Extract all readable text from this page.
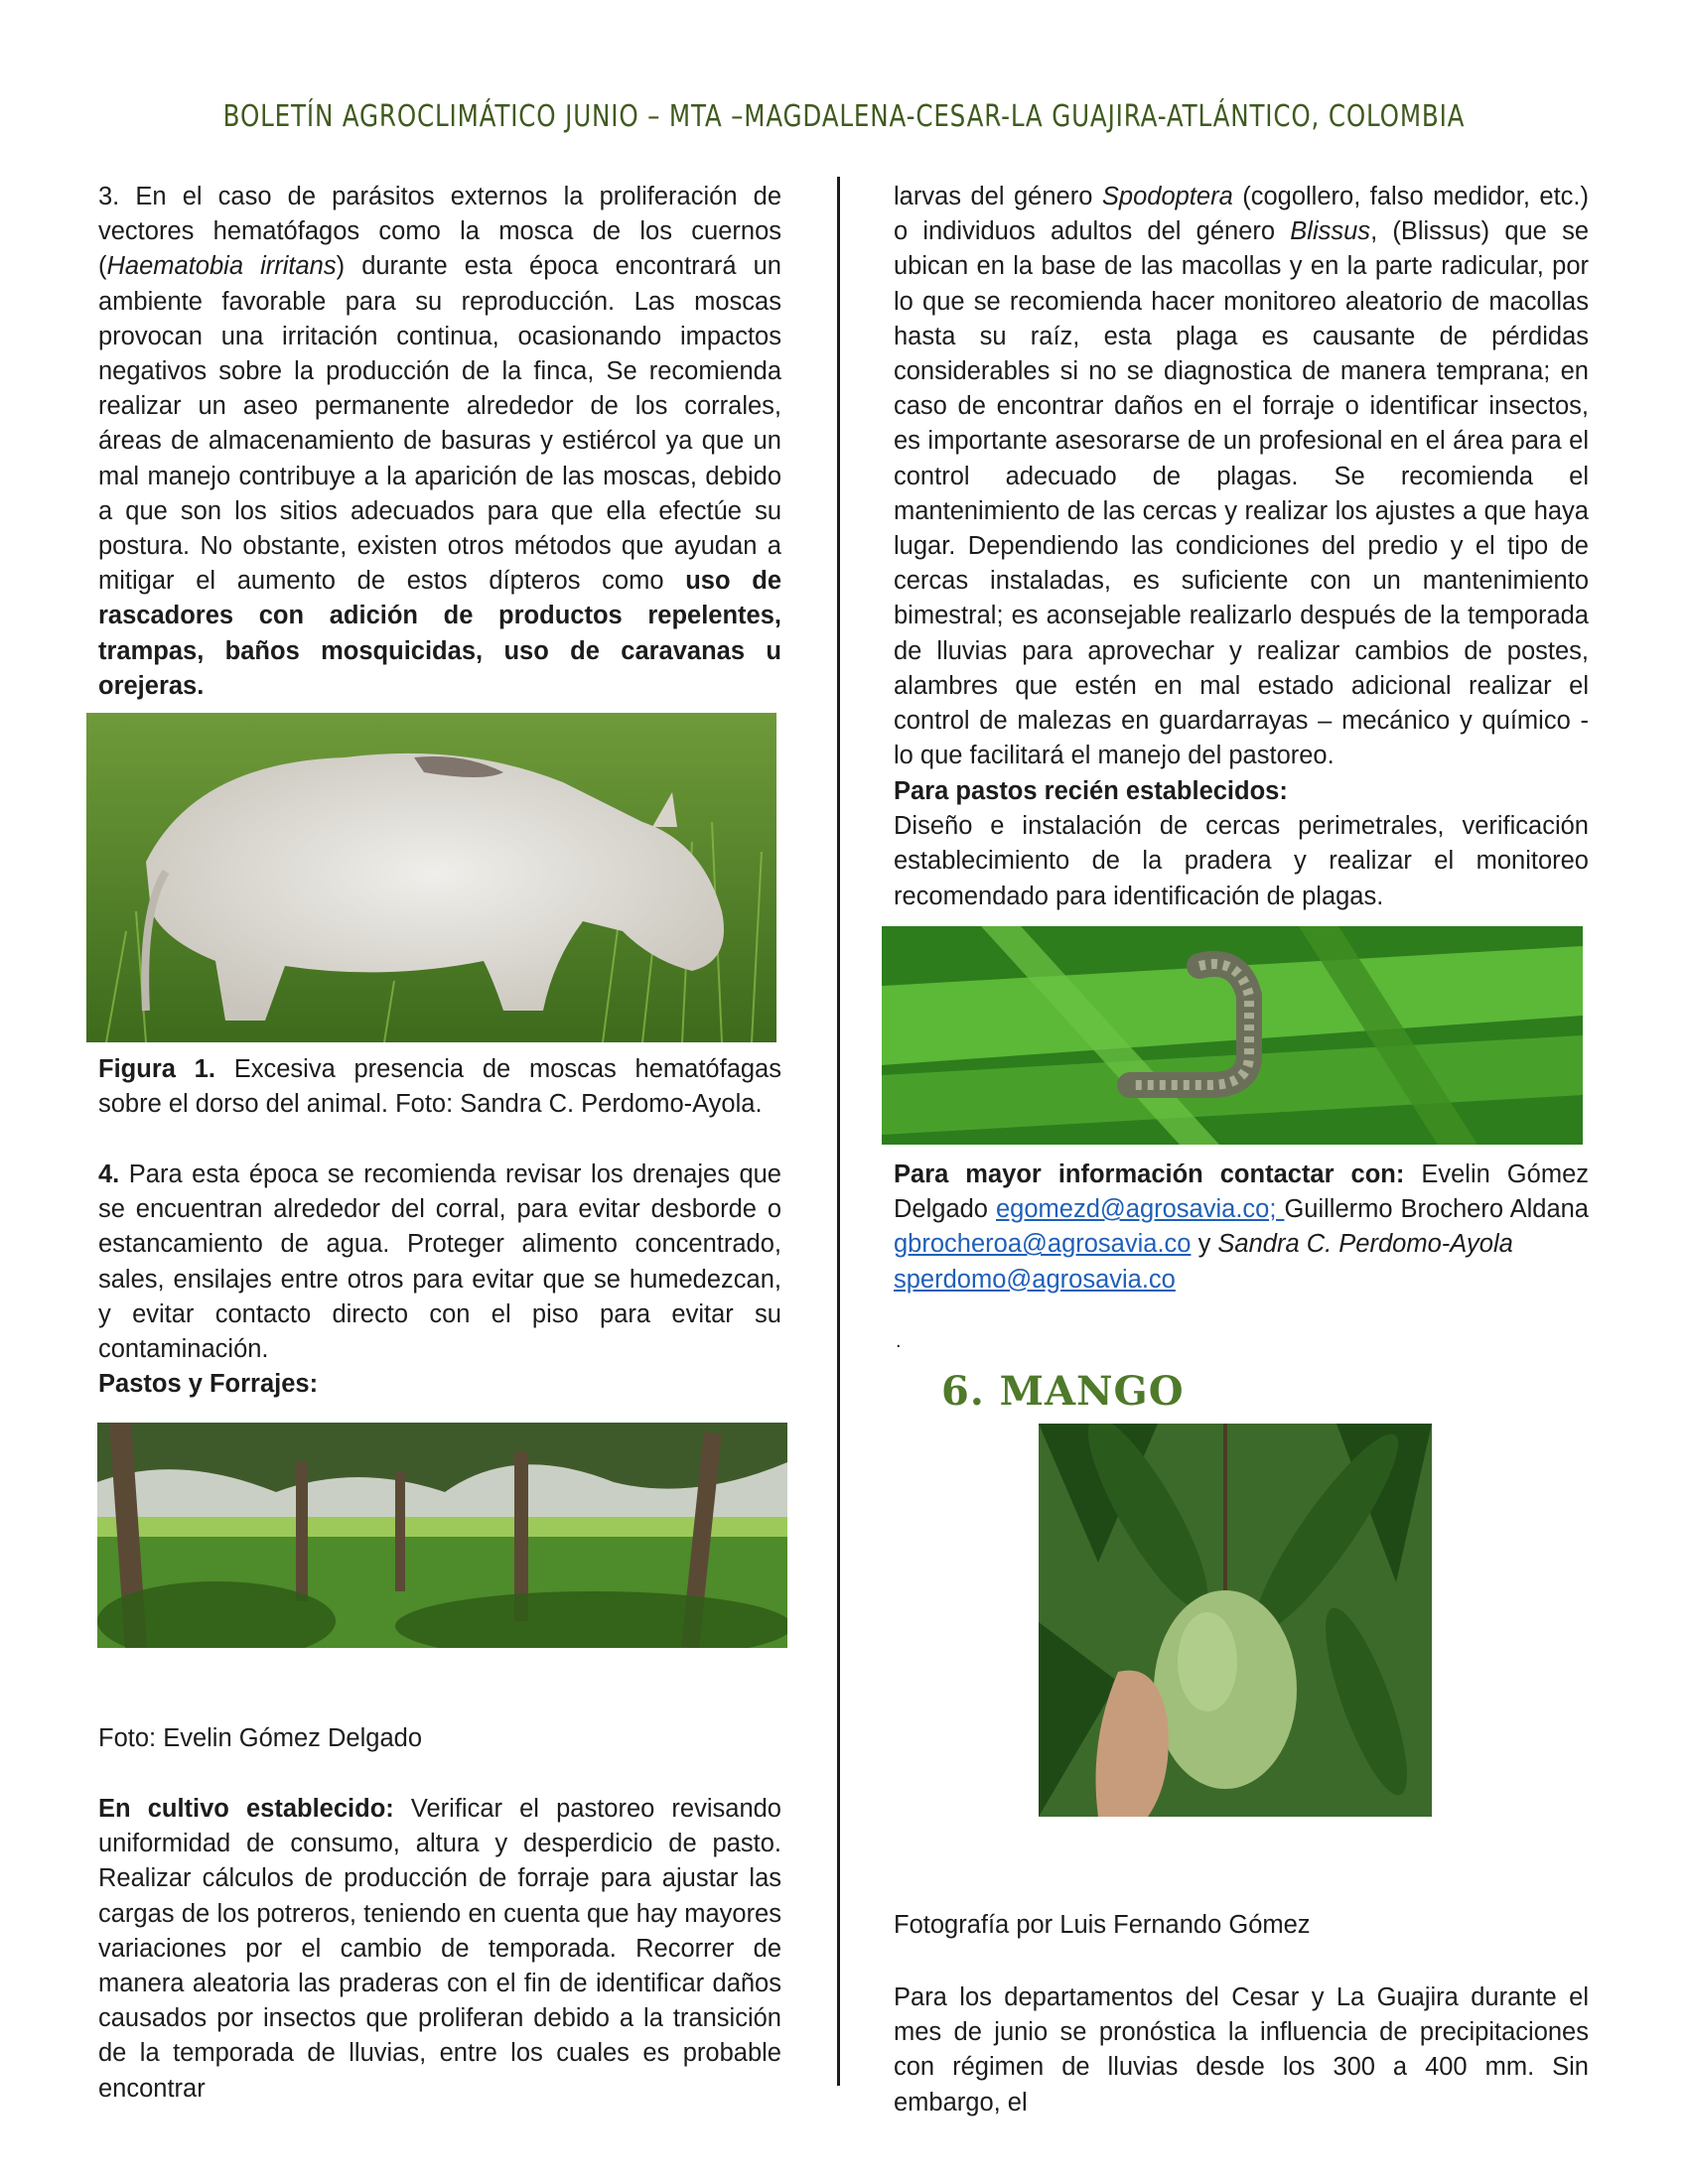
BOLETÍN AGROCLIMÁTICO JUNIO – MTA –MAGDALENA-CESAR-LA GUAJIRA-ATLÁNTICO, COLOMBIA

3. En el caso de parásitos externos la proliferación de vectores hematófagos como la mosca de los cuernos (Haematobia irritans) durante esta época encontrará un ambiente favorable para su reproducción. Las moscas provocan una irritación continua, ocasionando impactos negativos sobre la producción de la finca, Se recomienda realizar un aseo permanente alrededor de los corrales, áreas de almacenamiento de basuras y estiércol ya que un mal manejo contribuye a la aparición de las moscas, debido a que son los sitios adecuados para que ella efectúe su postura. No obstante, existen otros métodos que ayudan a mitigar el aumento de estos dípteros como uso de rascadores con adición de productos repelentes, trampas, baños mosquicidas, uso de caravanas u orejeras.

Figura 1. Excesiva presencia de moscas hematófagas sobre el dorso del animal. Foto: Sandra C. Perdomo-Ayola.
4. Para esta época se recomienda revisar los drenajes que se encuentran alrededor del corral, para evitar desborde o estancamiento de agua. Proteger alimento concentrado, sales, ensilajes entre otros para evitar que se humedezcan, y evitar contacto directo con el piso para evitar su contaminación.
Pastos y Forrajes:
Foto: Evelin Gómez Delgado
En cultivo establecido: Verificar el pastoreo revisando uniformidad de consumo, altura y desperdicio de pasto. Realizar cálculos de producción de forraje para ajustar las cargas de los potreros, teniendo en cuenta que hay mayores variaciones por el cambio de temporada. Recorrer de manera aleatoria las praderas con el fin de identificar daños causados por insectos que proliferan debido a la transición de la temporada de lluvias, entre los cuales es probable encontrar

larvas del género Spodoptera (cogollero, falso medidor, etc.) o individuos adultos del género Blissus, (Blissus) que se ubican en la base de las macollas y en la parte radicular, por lo que se recomienda hacer monitoreo aleatorio de macollas hasta su raíz, esta plaga es causante de pérdidas considerables si no se diagnostica de manera temprana; en caso de encontrar daños en el forraje o identificar insectos, es importante asesorarse de un profesional en el área para el control adecuado de plagas. Se recomienda el mantenimiento de las cercas y realizar los ajustes a que haya lugar. Dependiendo las condiciones del predio y el tipo de cercas instaladas, es suficiente con un mantenimiento bimestral; es aconsejable realizarlo después de la temporada de lluvias para aprovechar y realizar cambios de postes, alambres que estén en mal estado adicional realizar el control de malezas en guardarrayas – mecánico y químico - lo que facilitará el manejo del pastoreo.

Para pastos recién establecidos:
Diseño e instalación de cercas perimetrales, verificación establecimiento de la pradera y realizar el monitoreo recomendado para identificación de plagas.
Para mayor información contactar con: Evelin Gómez Delgado egomezd@agrosavia.co; Guillermo Brochero Aldana gbrocheroa@agrosavia.co y Sandra C. Perdomo-Ayola
sperdomo@agrosavia.co
.
6. MANGO
Fotografía por Luis Fernando Gómez
Para los departamentos del Cesar y La Guajira durante el mes de junio se pronóstica la influencia de precipitaciones con régimen de lluvias desde los 300 a 400 mm. Sin embargo, el
